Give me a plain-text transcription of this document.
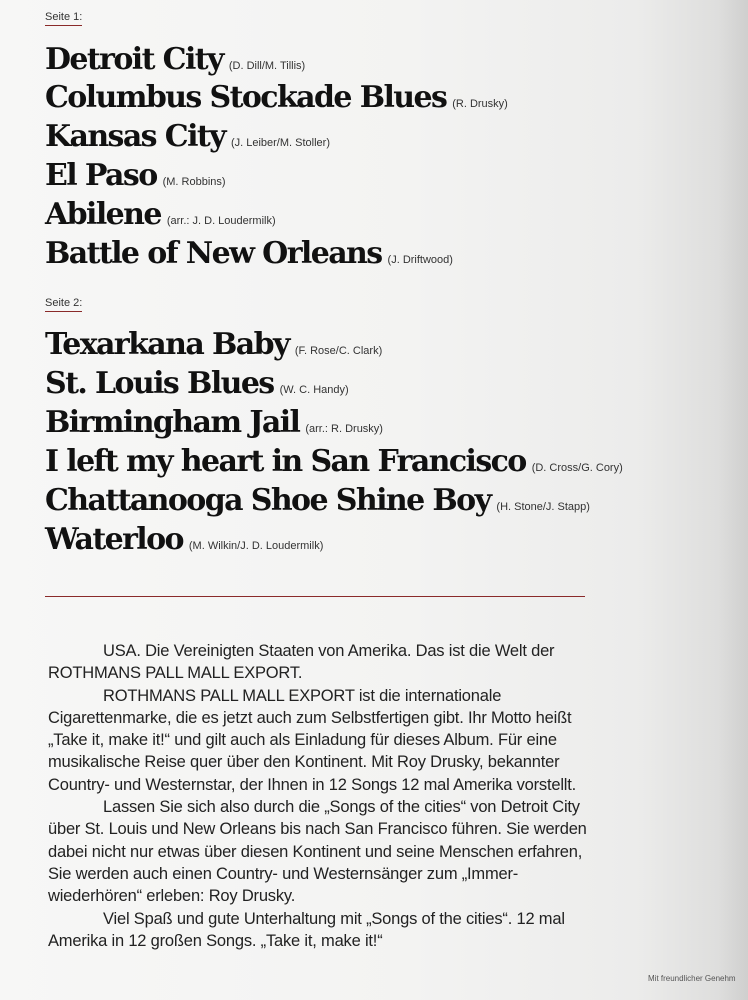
Seite 1:
Detroit City (D. Dill/M. Tillis)
Columbus Stockade Blues (R. Drusky)
Kansas City (J. Leiber/M. Stoller)
El Paso (M. Robbins)
Abilene (arr.: J. D. Loudermilk)
Battle of New Orleans (J. Driftwood)
Seite 2:
Texarkana Baby (F. Rose/C. Clark)
St. Louis Blues (W. C. Handy)
Birmingham Jail (arr.: R. Drusky)
I left my heart in San Francisco (D. Cross/G. Cory)
Chattanooga Shoe Shine Boy (H. Stone/J. Stapp)
Waterloo (M. Wilkin/J. D. Loudermilk)

USA. Die Vereinigten Staaten von Amerika. Das ist die Welt der ROTHMANS PALL MALL EXPORT.

ROTHMANS PALL MALL EXPORT ist die internationale Cigarettenmarke, die es jetzt auch zum Selbstfertigen gibt. Ihr Motto heißt „Take it, make it!“ und gilt auch als Einladung für dieses Album. Für eine musikalische Reise quer über den Kontinent. Mit Roy Drusky, bekannter Country- und Westernstar, der Ihnen in 12 Songs 12 mal Amerika vorstellt.

Lassen Sie sich also durch die „Songs of the cities“ von Detroit City über St. Louis und New Orleans bis nach San Francisco führen. Sie werden dabei nicht nur etwas über diesen Kontinent und seine Menschen erfahren, Sie werden auch einen Country- und Westernsänger zum „Immer-wiederhören“ erleben: Roy Drusky.

Viel Spaß und gute Unterhaltung mit „Songs of the cities“. 12 mal Amerika in 12 großen Songs. „Take it, make it!“

Mit freundlicher Genehm
